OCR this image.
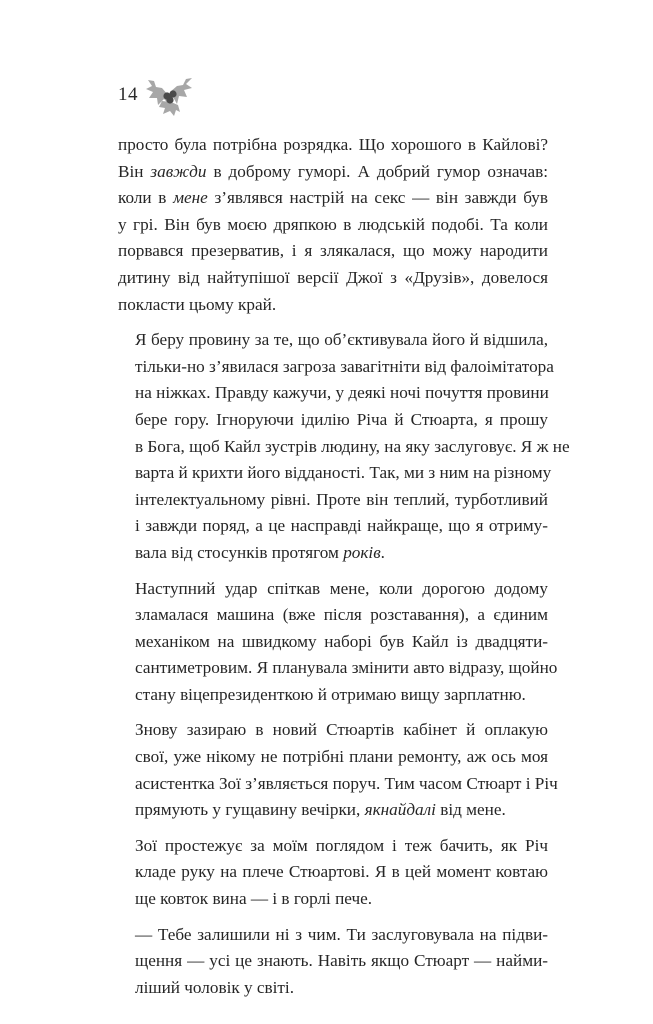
14

просто була потрібна розрядка. Що хорошого в Кайлові?
Він завжди в доброму гуморі. А добрий гумор означав:
коли в мене з’являвся настрій на секс — він завжди був
у грі. Він був моєю дряпкою в людській подобі. Та коли
порвався презерватив, і я злякалася, що можу народити
дитину від найтупішої версії Джої з «Друзів», довелося
покласти цьому край.

Я беру провину за те, що об’єктивувала його й відшила,
тільки-но з’явилася загроза завагітніти від фалоімітатора
на ніжках. Правду кажучи, у деякі ночі почуття провини
бере гору. Ігноруючи ідилію Річа й Стюарта, я прошу
в Бога, щоб Кайл зустрів людину, на яку заслуговує. Я ж не
варта й крихти його відданості. Так, ми з ним на різному
інтелектуальному рівні. Проте він теплий, турботливий
і завжди поряд, а це насправді найкраще, що я отриму-
вала від стосунків протягом років.

Наступний удар спіткав мене, коли дорогою додому
зламалася машина (вже після розставання), а єдиним
механіком на швидкому наборі був Кайл із двадцяти-
сантиметровим. Я планувала змінити авто відразу, щойно
стану віцепрезиденткою й отримаю вищу зарплатню.

Знову зазираю в новий Стюартів кабінет й оплакую
свої, уже нікому не потрібні плани ремонту, аж ось моя
асистентка Зої з’являється поруч. Тим часом Стюарт і Річ
прямують у гущавину вечірки, якнайдалі від мене.

Зої простежує за моїм поглядом і теж бачить, як Річ
кладе руку на плече Стюартові. Я в цей момент ковтаю
ще ковток вина — і в горлі пече.

— Тебе залишили ні з чим. Ти заслуговувала на підви-
щення — усі це знають. Навіть якщо Стюарт — найми-
ліший чоловік у світі.
